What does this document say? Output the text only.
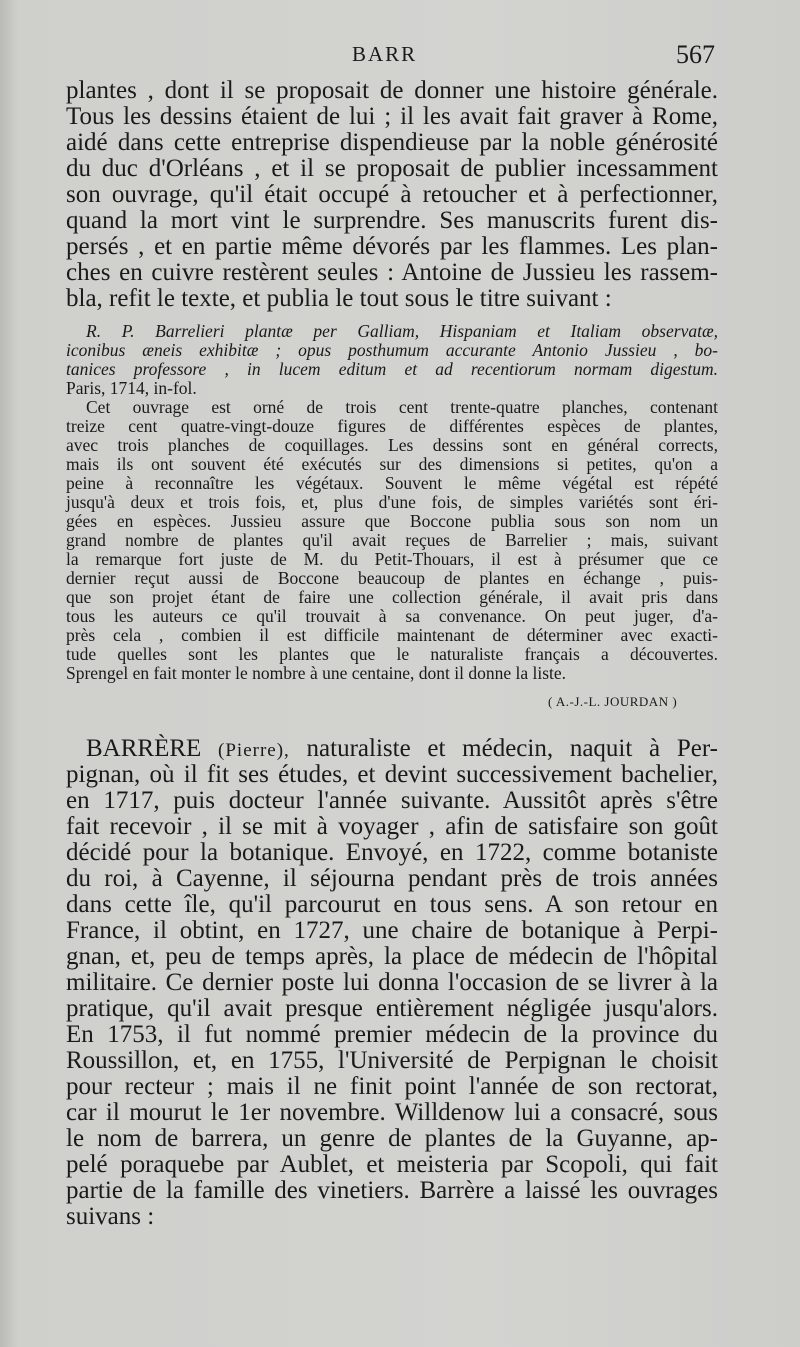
BARR	567
plantes , dont il se proposait de donner une histoire générale.
Tous les dessins étaient de lui ; il les avait fait graver à Rome,
aidé dans cette entreprise dispendieuse par la noble générosité
du duc d'Orléans , et il se proposait de publier incessamment
son ouvrage, qu'il était occupé à retoucher et à perfectionner,
quand la mort vint le surprendre. Ses manuscrits furent dis-
persés , et en partie même dévorés par les flammes. Les plan-
ches en cuivre restèrent seules : Antoine de Jussieu les rassem-
bla, refit le texte, et publia le tout sous le titre suivant :
R. P. Barrelieri plantæ per Galliam, Hispaniam et Italiam observatæ,
iconibus æneis exhibitæ ; opus posthumum accurante Antonio Jussieu , bo-
tanices professore , in lucem editum et ad recentiorum normam digestum.
Paris, 1714, in-fol.
Cet ouvrage est orné de trois cent trente-quatre planches, contenant
treize cent quatre-vingt-douze figures de différentes espèces de plantes,
avec trois planches de coquillages. Les dessins sont en général corrects,
mais ils ont souvent été exécutés sur des dimensions si petites, qu'on a
peine à reconnaître les végétaux. Souvent le même végétal est répété
jusqu'à deux et trois fois, et, plus d'une fois, de simples variétés sont éri-
gées en espèces. Jussieu assure que Boccone publia sous son nom un
grand nombre de plantes qu'il avait reçues de Barrelier ; mais, suivant
la remarque fort juste de M. du Petit-Thouars, il est à présumer que ce
dernier reçut aussi de Boccone beaucoup de plantes en échange , puis-
que son projet étant de faire une collection générale, il avait pris dans
tous les auteurs ce qu'il trouvait à sa convenance. On peut juger, d'a-
près cela , combien il est difficile maintenant de déterminer avec exacti-
tude quelles sont les plantes que le naturaliste français a découvertes.
Sprengel en fait monter le nombre à une centaine, dont il donne la liste.
( A.-J.-L. JOURDAN )
BARRÈRE (Pierre), naturaliste et médecin, naquit à Per-
pignan, où il fit ses études, et devint successivement bachelier,
en 1717, puis docteur l'année suivante. Aussitôt après s'être
fait recevoir , il se mit à voyager , afin de satisfaire son goût
décidé pour la botanique. Envoyé, en 1722, comme botaniste
du roi, à Cayenne, il séjourna pendant près de trois années
dans cette île, qu'il parcourut en tous sens. A son retour en
France, il obtint, en 1727, une chaire de botanique à Perpi-
gnan, et, peu de temps après, la place de médecin de l'hôpital
militaire. Ce dernier poste lui donna l'occasion de se livrer à la
pratique, qu'il avait presque entièrement négligée jusqu'alors.
En 1753, il fut nommé premier médecin de la province du
Roussillon, et, en 1755, l'Université de Perpignan le choisit
pour recteur ; mais il ne finit point l'année de son rectorat,
car il mourut le 1er novembre. Willdenow lui a consacré, sous
le nom de barrera, un genre de plantes de la Guyanne, ap-
pelé poraquebe par Aublet, et meisteria par Scopoli, qui fait
partie de la famille des vinetiers. Barrère a laissé les ouvrages
suivans :
